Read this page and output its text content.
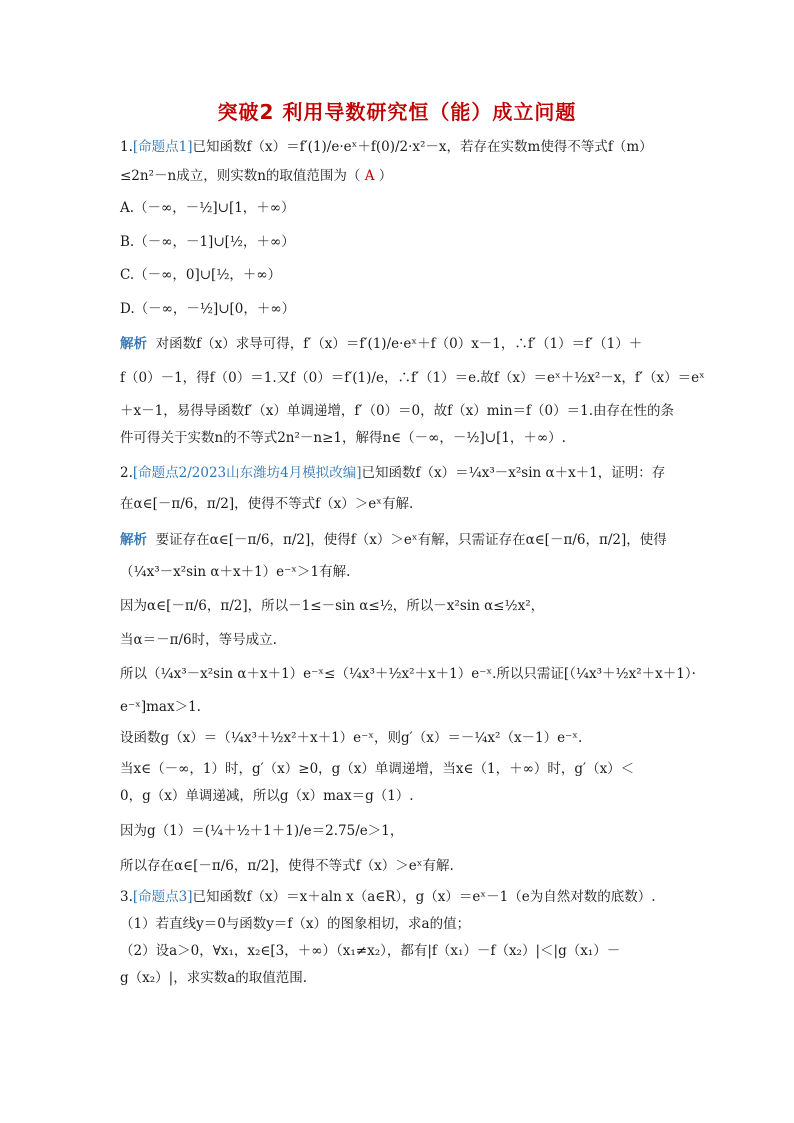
突破2 利用导数研究恒（能）成立问题
1.[命题点1]已知函数f（x）＝f′(1)/e·eˣ＋f(0)/2·x²－x，若存在实数m使得不等式f（m）
≤2n²－n成立，则实数n的取值范围为（ A ）
A.（－∞，－½]∪[1，＋∞）
B.（－∞，－1]∪[½，＋∞）
C.（－∞，0]∪[½，＋∞）
D.（－∞，－½]∪[0，＋∞）
解析 对函数f（x）求导可得，f′（x）＝f′(1)/e·eˣ＋f（0）x－1，∴f′（1）＝f′（1）＋
f（0）－1，得f（0）＝1.又f（0）＝f′(1)/e，∴f′（1）＝e.故f（x）＝eˣ＋½x²－x，f′（x）＝eˣ
＋x－1，易得导函数f′（x）单调递增，f′（0）＝0，故f（x）min＝f（0）＝1.由存在性的条
件可得关于实数n的不等式2n²－n≥1，解得n∈（－∞，－½]∪[1，＋∞）.
2.[命题点2/2023山东潍坊4月模拟改编]已知函数f（x）＝¼x³－x²sin α＋x＋1，证明：存
在α∈[－π/6，π/2]，使得不等式f（x）＞eˣ有解.
解析 要证存在α∈[－π/6，π/2]，使得f（x）＞eˣ有解，只需证存在α∈[－π/6，π/2]，使得
（¼x³－x²sin α＋x＋1）e⁻ˣ＞1有解.
因为α∈[－π/6，π/2]，所以－1≤－sin α≤½，所以－x²sin α≤½x²，
当α＝－π/6时，等号成立.
所以（¼x³－x²sin α＋x＋1）e⁻ˣ≤（¼x³＋½x²＋x＋1）e⁻ˣ.所以只需证[（¼x³＋½x²＋x＋1）·
e⁻ˣ]max＞1.
设函数g（x）＝（¼x³＋½x²＋x＋1）e⁻ˣ，则g′（x）＝－¼x²（x－1）e⁻ˣ.
当x∈（－∞，1）时，g′（x）≥0，g（x）单调递增，当x∈（1，＋∞）时，g′（x）＜
0，g（x）单调递减，所以g（x）max＝g（1）.
因为g（1）＝(¼＋½＋1＋1)/e＝2.75/e＞1，
所以存在α∈[－π/6，π/2]，使得不等式f（x）＞eˣ有解.
3.[命题点3]已知函数f（x）＝x＋aln x（a∈R），g（x）＝eˣ－1（e为自然对数的底数）.
（1）若直线y＝0与函数y＝f（x）的图象相切，求a的值；
（2）设a＞0，∀x₁，x₂∈[3，＋∞）（x₁≠x₂），都有|f（x₁）－f（x₂）|＜|g（x₁）－
g（x₂）|，求实数a的取值范围.
